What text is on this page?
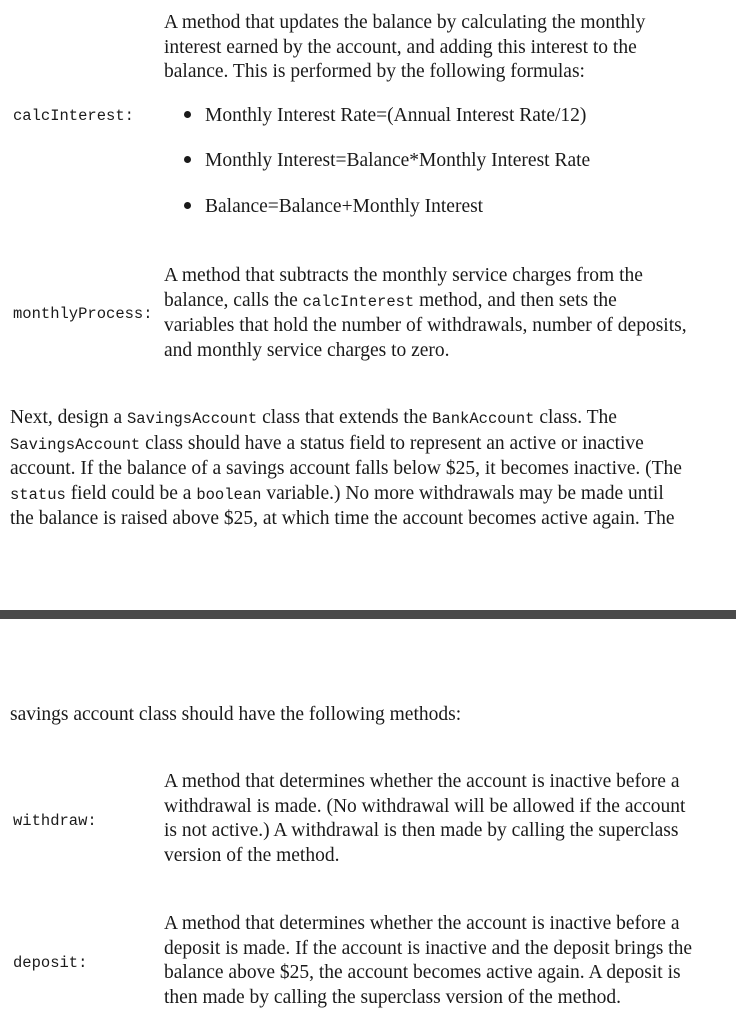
A method that updates the balance by calculating the monthly

interest earned by the account, and adding this interest to the

balance. This is performed by the following formulas:

calcInterest:	Monthly Interest Rate=(Annual Interest Rate/12)
Monthly Interest=Balance*Monthly Interest Rate
Balance=Balance+Monthly Interest
monthlyProcess:

A method that subtracts the monthly service charges from the

balance, calls the calcInterest method, and then sets the

variables that hold the number of withdrawals, number of deposits,

and monthly service charges to zero.

Next, design a SavingsAccount class that extends the BankAccount class. The

SavingsAccount class should have a status field to represent an active or inactive

account. If the balance of a savings account falls below $25, it becomes inactive. (The

status field could be a boolean variable.) No more withdrawals may be made until

the balance is raised above $25, at which time the account becomes active again. The

savings account class should have the following methods:
withdraw:

A method that determines whether the account is inactive before a

withdrawal is made. (No withdrawal will be allowed if the account

is not active.) A withdrawal is then made by calling the superclass

version of the method.

deposit:

A method that determines whether the account is inactive before a

deposit is made. If the account is inactive and the deposit brings the

balance above $25, the account becomes active again. A deposit is

then made by calling the superclass version of the method.
